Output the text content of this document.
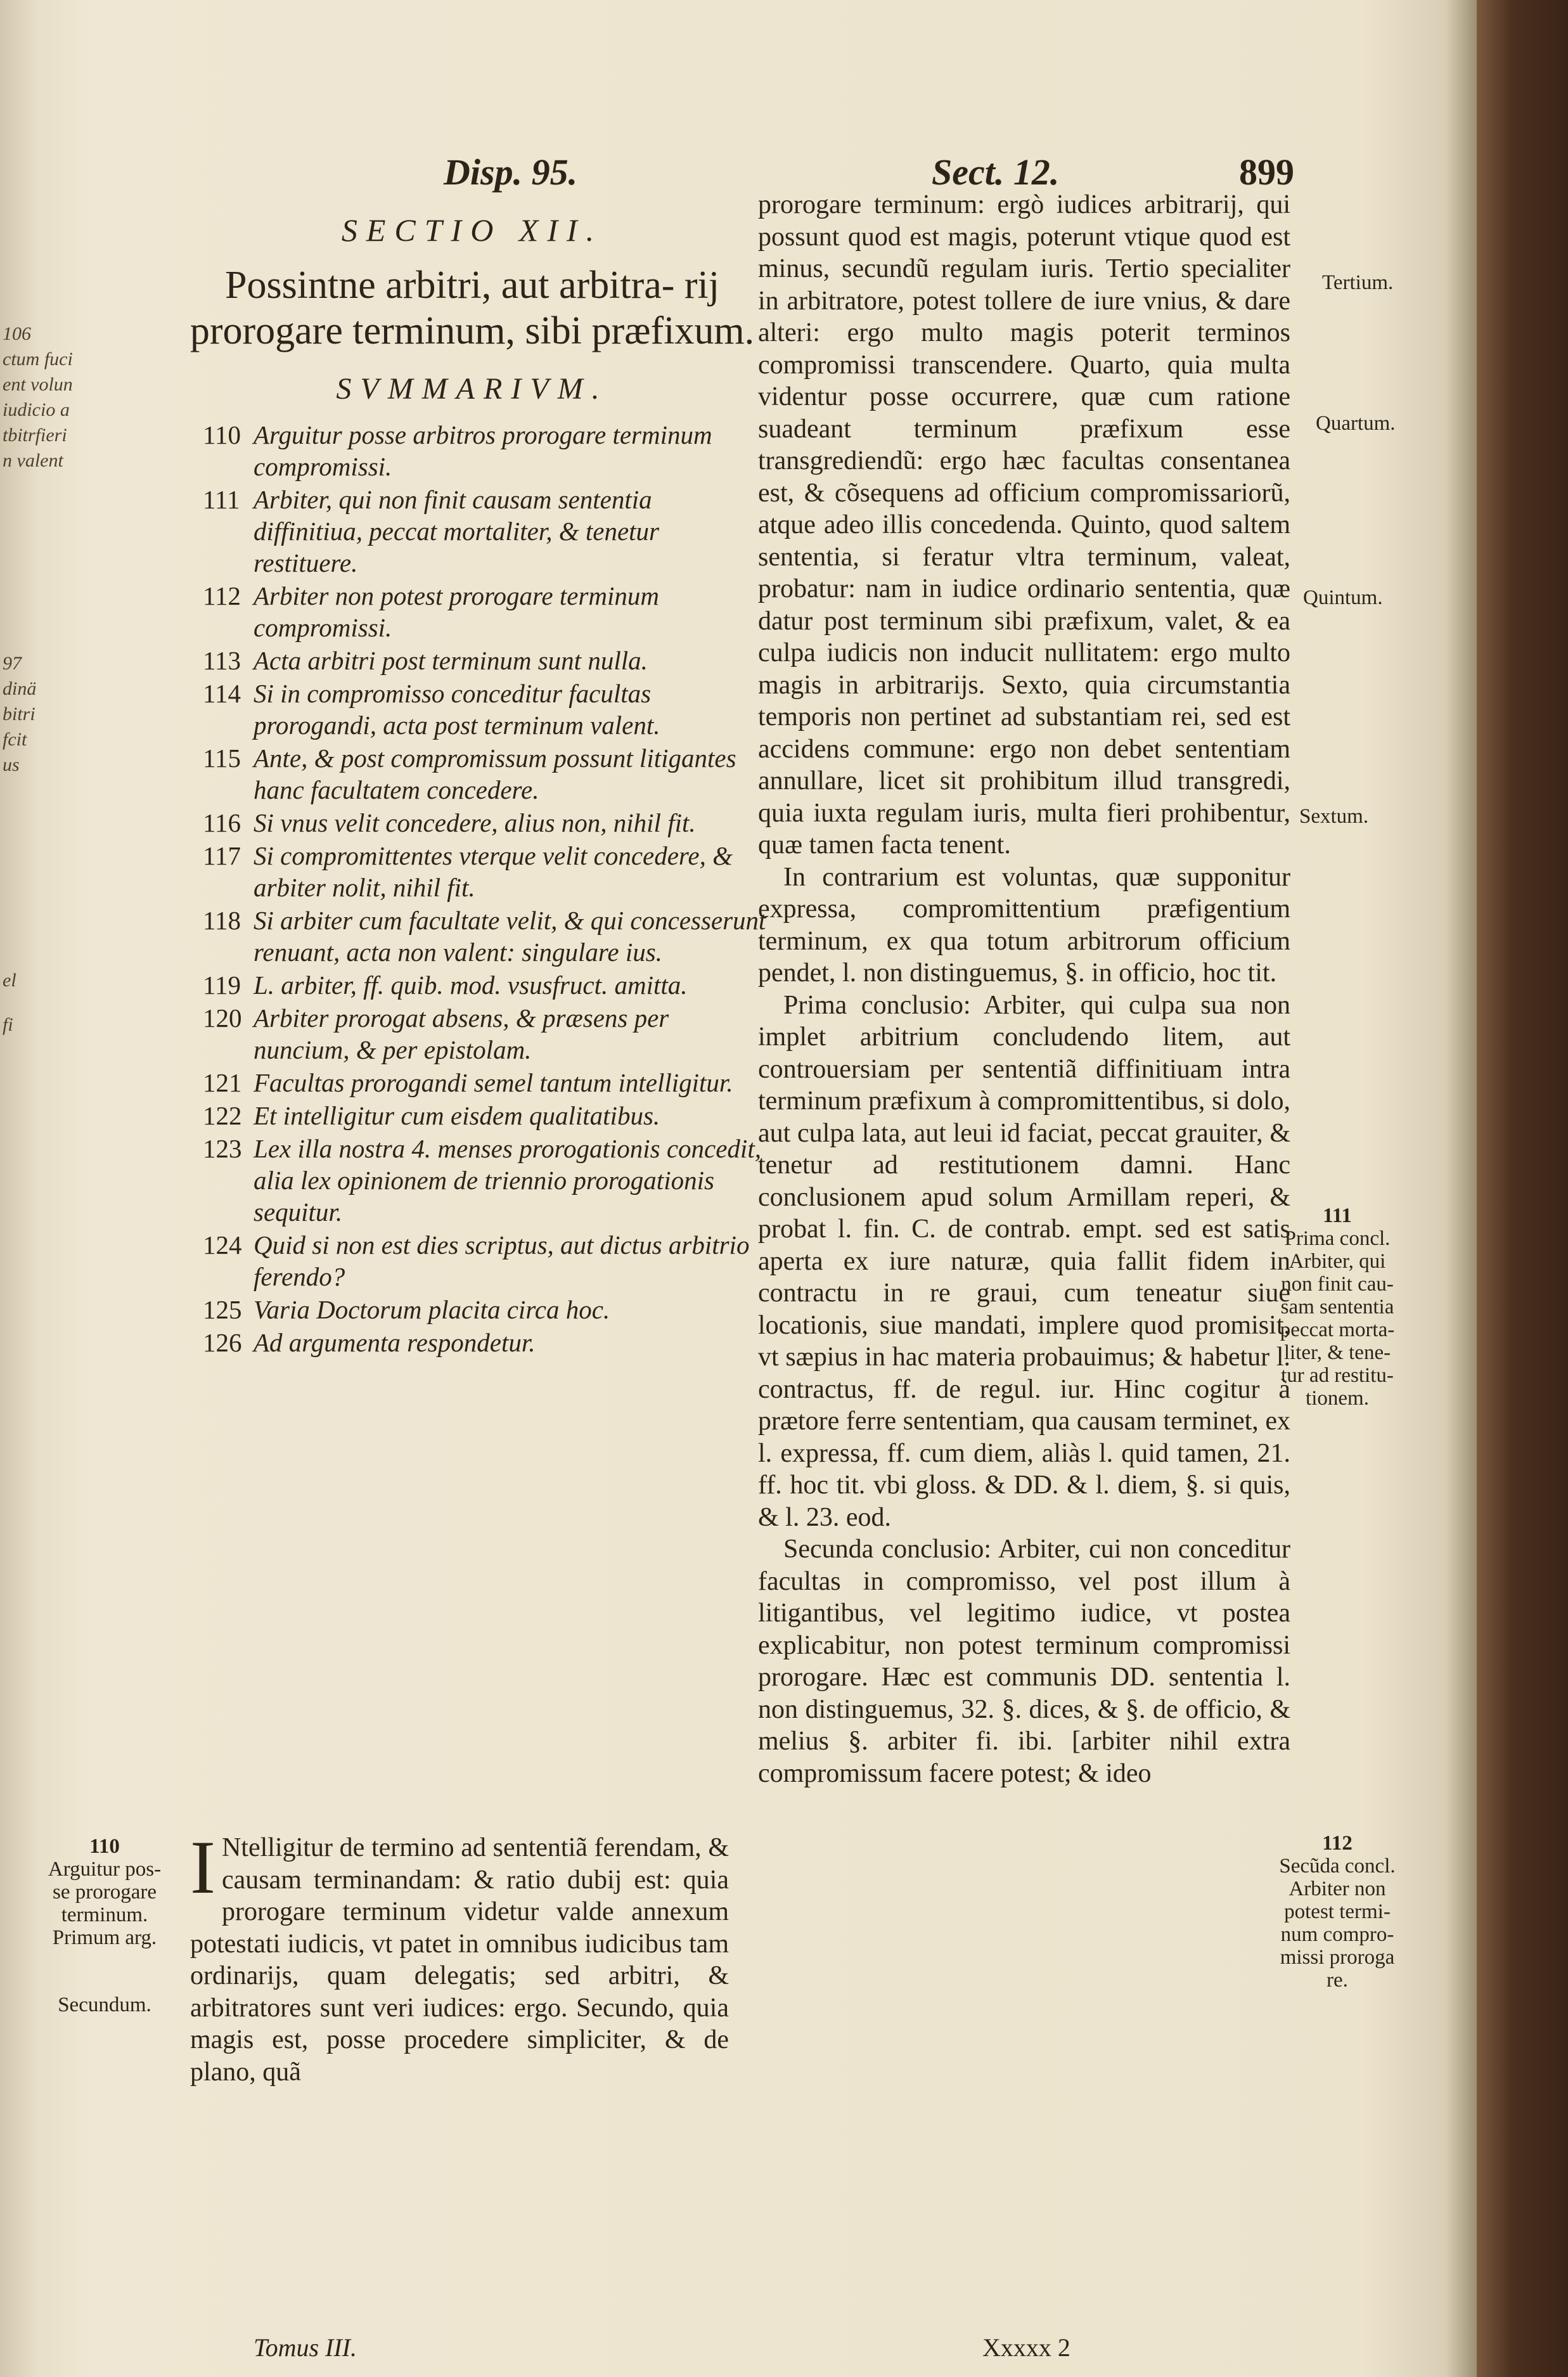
106
ctum fuci
ent volun
iudicio a
tbitrfieri
n valent
97
dinä
bitri
fcit
us
el
fi
Disp. 95.	Sect. 12.	899
SECTIO XII.
Possintne arbitri, aut arbitra- rij prorogare terminum, sibi præfixum.
SVMMARIVM.
110 Arguitur posse arbitros prorogare terminum compromissi.
111 Arbiter, qui non finit causam sententia diffinitiua, peccat mortaliter, & tenetur restituere.
112 Arbiter non potest prorogare terminum compromissi.
113 Acta arbitri post terminum sunt nulla.
114 Si in compromisso conceditur facultas prorogandi, acta post terminum valent.
115 Ante, & post compromissum possunt litigantes hanc facultatem concedere.
116 Si vnus velit concedere, alius non, nihil fit.
117 Si compromittentes vterque velit concedere, & arbiter nolit, nihil fit.
118 Si arbiter cum facultate velit, & qui concesserunt renuant, acta non valent: singulare ius.
119 L. arbiter, ff. quib. mod. vsusfruct. amitta.
120 Arbiter prorogat absens, & præsens per nuncium, & per epistolam.
121 Facultas prorogandi semel tantum intelligitur.
122 Et intelligitur cum eisdem qualitatibus.
123 Lex illa nostra 4. menses prorogationis concedit, alia lex opinionem de triennio prorogationis sequitur.
124 Quid si non est dies scriptus, aut dictus arbitrio ferendo?
125 Varia Doctorum placita circa hoc.
126 Ad argumenta respondetur.

prorogare terminum: ergò iudices arbitrarij, qui possunt quod est magis, poterunt vtique quod est minus, secundũ regulam iuris. Tertio specialiter in arbitratore, potest tollere de iure vnius, & dare alteri: ergo multo magis poterit terminos compromissi transcendere. Quarto, quia multa videntur posse occurrere, quæ cum ratione suadeant terminum præfixum esse transgrediendũ: ergo hæc facultas consentanea est, & cõsequens ad officium compromissariorũ, atque adeo illis concedenda. Quinto, quod saltem sententia, si feratur vltra terminum, valeat, probatur: nam in iudice ordinario sententia, quæ datur post terminum sibi præfixum, valet, & ea culpa iudicis non inducit nullitatem: ergo multo magis in arbitrarijs. Sexto, quia circumstantia temporis non pertinet ad substantiam rei, sed est accidens commune: ergo non debet sententiam annullare, licet sit prohibitum illud transgredi, quia iuxta regulam iuris, multa fieri prohibentur, quæ tamen facta tenent.

In contrarium est voluntas, quæ supponitur expressa, compromittentium præfigentium terminum, ex qua totum arbitrorum officium pendet, l. non distinguemus, §. in officio, hoc tit.

Prima conclusio: Arbiter, qui culpa sua non implet arbitrium concludendo litem, aut controuersiam per sententiã diffinitiuam intra terminum præfixum à compromittentibus, si dolo, aut culpa lata, aut leui id faciat, peccat grauiter, & tenetur ad restitutionem damni. Hanc conclusionem apud solum Armillam reperi, & probat l. fin. C. de contrab. empt. sed est satis aperta ex iure naturæ, quia fallit fidem in contractu in re graui, cum teneatur siue locationis, siue mandati, implere quod promisit, vt sæpius in hac materia probauimus; & habetur l. contractus, ff. de regul. iur. Hinc cogitur à prætore ferre sententiam, qua causam terminet, ex l. expressa, ff. cum diem, aliàs l. quid tamen, 21. ff. hoc tit. vbi gloss. & DD. & l. diem, §. si quis, & l. 23. eod.

Secunda conclusio: Arbiter, cui non conceditur facultas in compromisso, vel post illum à litigantibus, vel legitimo iudice, vt postea explicabitur, non potest terminum compromissi prorogare. Hæc est communis DD. sententia l. non distinguemus, 32. §. dices, & §. de officio, & melius §. arbiter fi. ibi. [arbiter nihil extra compromissum facere potest; & ideo

Tertium.
Quartum.
Quintum.
Sextum.
111
Prima concl.
Arbiter, qui
non finit cau-
sam sententia
peccat morta-
liter, & tene-
tur ad restitu-
tionem.
112
Secũda concl.
Arbiter non
potest termi-
num compro-
missi proroga
re.
110
Arguitur pos-
se prorogare
terminum.
Primum arg.
Secundum.
I Ntelligitur de termino ad sententiã ferendam, & causam terminandam: & ratio dubij est: quia prorogare terminum videtur valde annexum potestati iudicis, vt patet in omnibus iudicibus tam ordinarijs, quam delegatis; sed arbitri, & arbitratores sunt veri iudices: ergo. Secundo, quia magis est, posse procedere simpliciter, & de plano, quã

Tomus III.	Xxxxx 2
